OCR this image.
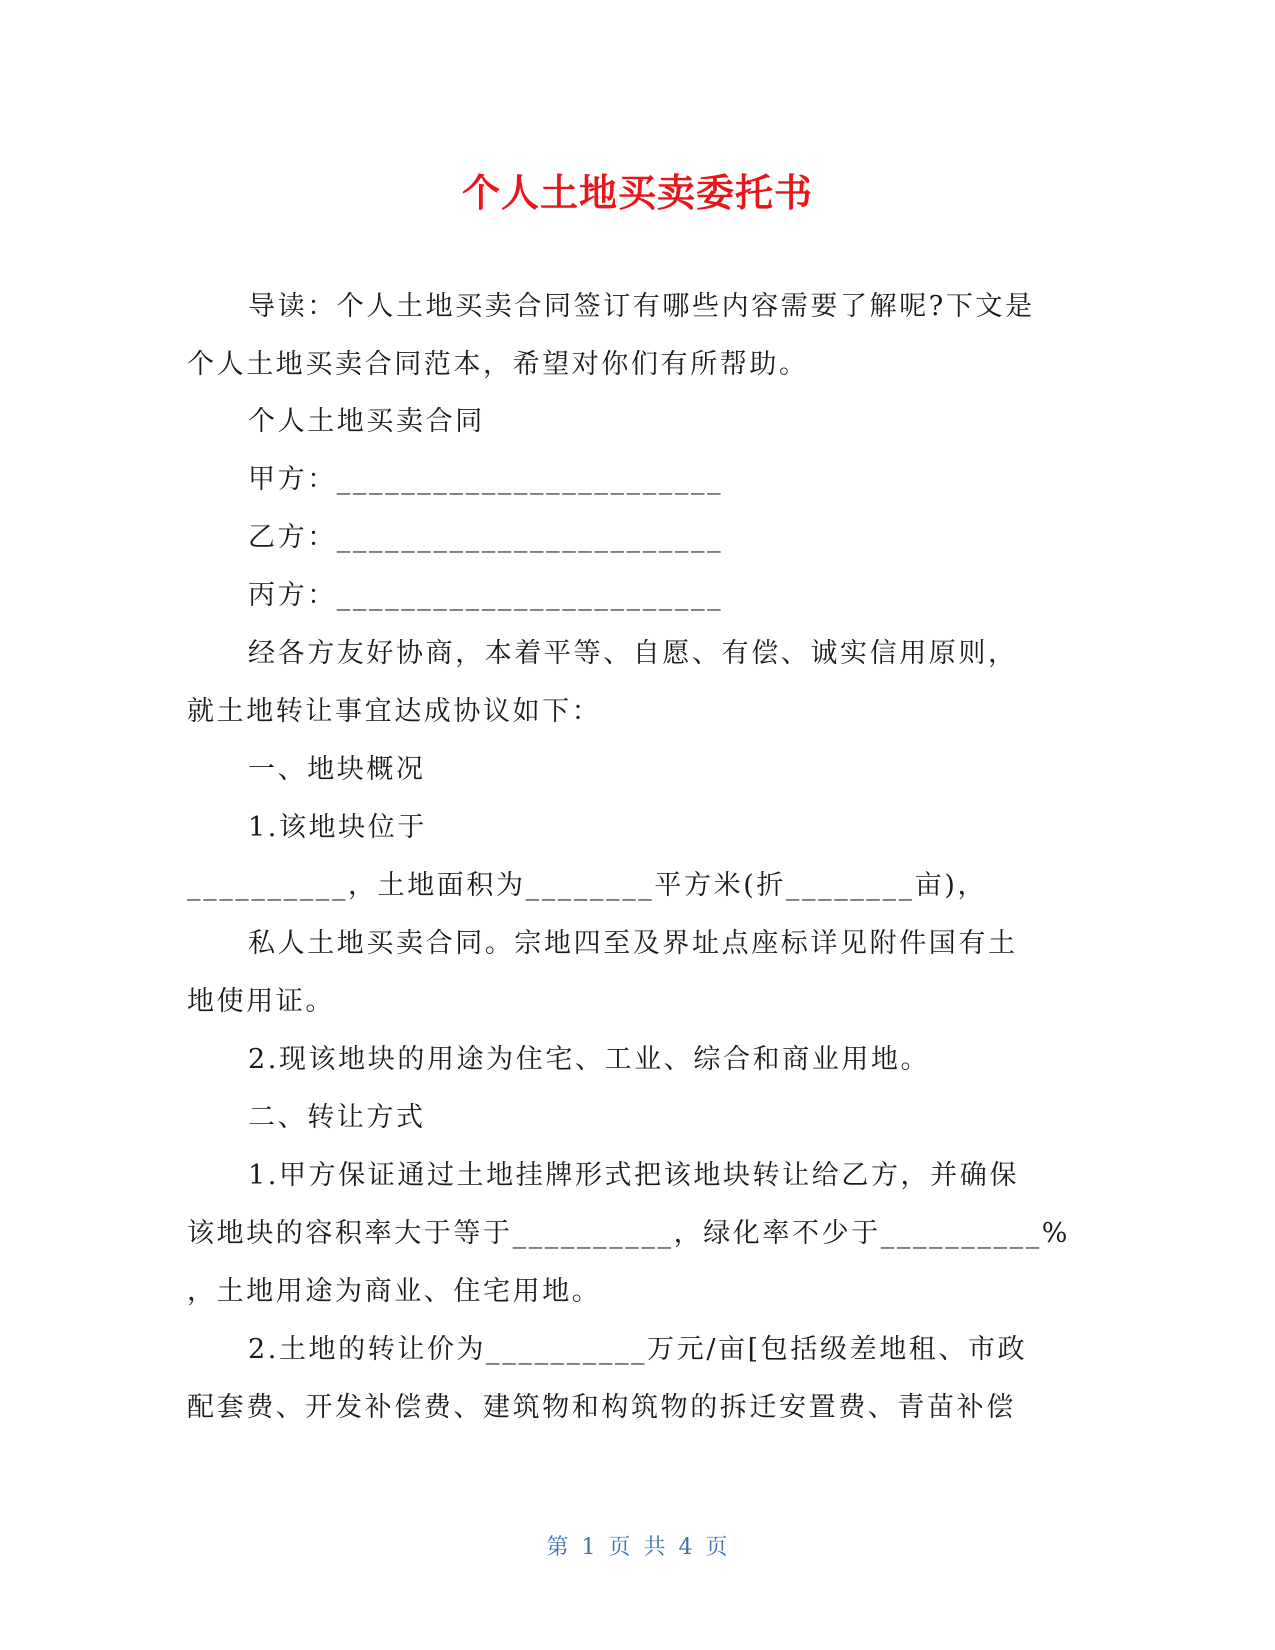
个人土地买卖委托书
导读：个人土地买卖合同签订有哪些内容需要了解呢?下文是
个人土地买卖合同范本，希望对你们有所帮助。
个人土地买卖合同
甲方：________________________
乙方：________________________
丙方：________________________
经各方友好协商，本着平等、自愿、有偿、诚实信用原则，
就土地转让事宜达成协议如下：
一、地块概况
1.该地块位于
__________，土地面积为________平方米(折________亩)，
私人土地买卖合同。宗地四至及界址点座标详见附件国有土
地使用证。
2.现该地块的用途为住宅、工业、综合和商业用地。
二、转让方式
1.甲方保证通过土地挂牌形式把该地块转让给乙方，并确保
该地块的容积率大于等于__________，绿化率不少于__________%
，土地用途为商业、住宅用地。
2.土地的转让价为__________万元/亩[包括级差地租、市政
配套费、开发补偿费、建筑物和构筑物的拆迁安置费、青苗补偿
第 1 页 共 4 页
